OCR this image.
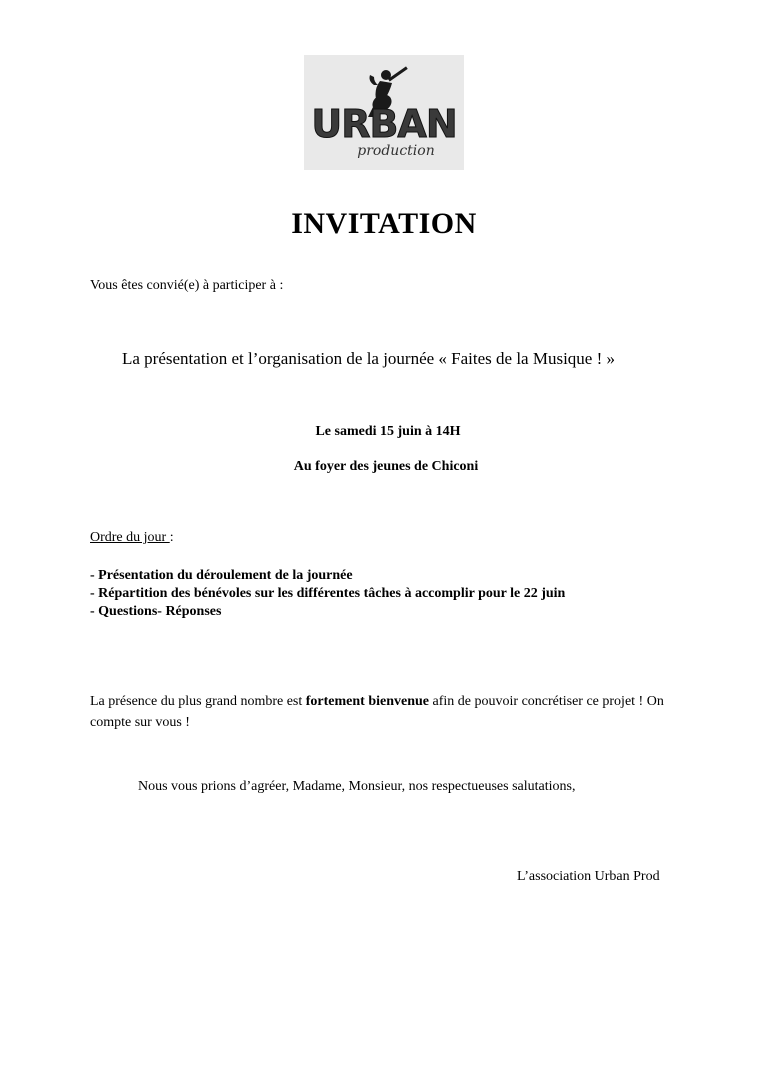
URBAN
production
INVITATION
Vous êtes convié(e) à participer à :
La présentation et l’organisation de la journée « Faites de la Musique ! »
Le samedi 15 juin à 14H
Au foyer des jeunes de Chiconi
Ordre du jour :
- Présentation du déroulement de la journée
- Répartition des bénévoles sur les différentes tâches à accomplir pour le 22 juin
- Questions- Réponses
La présence du plus grand nombre est fortement bienvenue afin de pouvoir concrétiser ce projet ! On compte sur vous !
Nous vous prions d’agréer, Madame, Monsieur, nos respectueuses salutations,
L’association Urban Prod
